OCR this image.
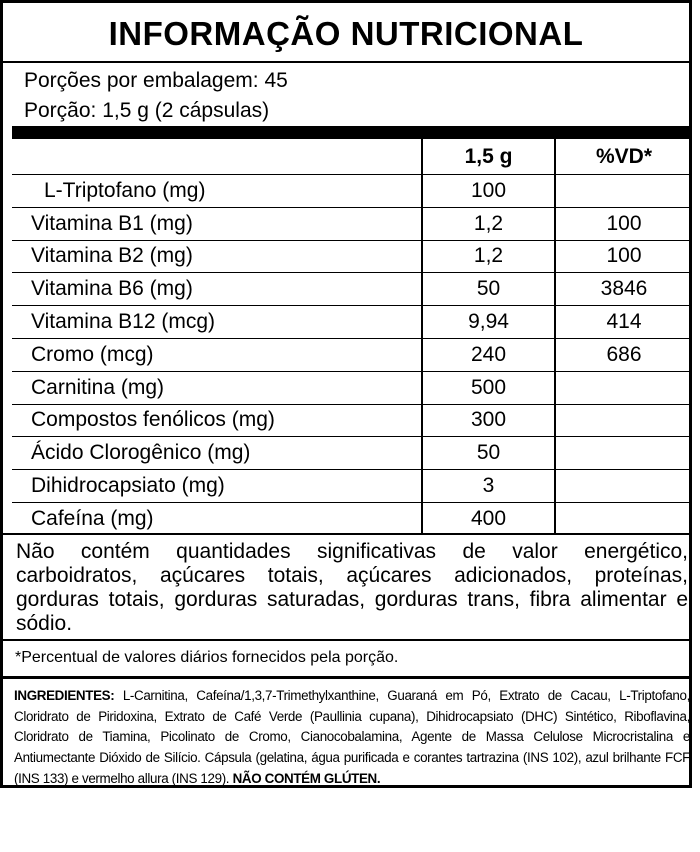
INFORMAÇÃO NUTRICIONAL
Porções por embalagem: 45
Porção: 1,5 g (2 cápsulas)
	1,5 g	%VD*
L-Triptofano (mg)	100	
Vitamina B1 (mg)	1,2	100
Vitamina B2 (mg)	1,2	100
Vitamina B6 (mg)	50	3846
Vitamina B12 (mcg)	9,94	414
Cromo (mcg)	240	686
Carnitina (mg)	500	
Compostos fenólicos (mg)	300	
Ácido Clorogênico (mg)	50	
Dihidrocapsiato (mg)	3	
Cafeína (mg)	400	
Não contém quantidades significativas de valor energético, carboidratos, açúcares totais, açúcares adicionados, proteínas, gorduras totais, gorduras saturadas, gorduras trans, fibra alimentar e sódio.
*Percentual de valores diários fornecidos pela porção.
INGREDIENTES: L-Carnitina, Cafeína/1,3,7-Trimethylxanthine, Guaraná em Pó, Extrato de Cacau, L-Triptofano, Cloridrato de Piridoxina, Extrato de Café Verde (Paullinia cupana), Dihidrocapsiato (DHC) Sintético, Riboflavina, Cloridrato de Tiamina, Picolinato de Cromo, Cianocobalamina, Agente de Massa Celulose Microcristalina e Antiumectante Dióxido de Silício. Cápsula (gelatina, água purificada e corantes tartrazina (INS 102), azul brilhante FCF (INS 133) e vermelho allura (INS 129). NÃO CONTÉM GLÚTEN.
